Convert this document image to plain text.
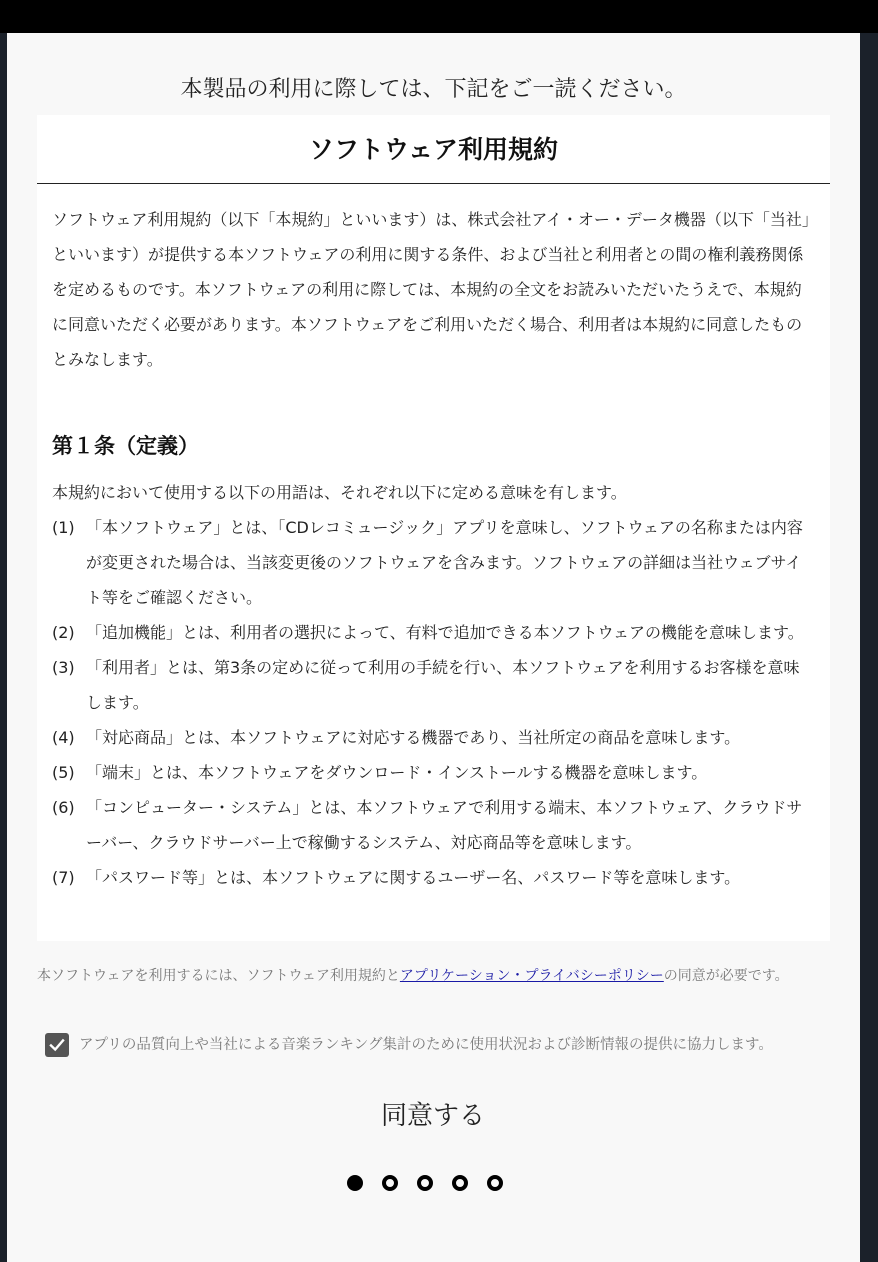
本製品の利用に際しては、下記をご一読ください。
ソフトウェア利用規約

ソフトウェア利用規約（以下「本規約」といいます）は、株式会社アイ・オー・データ機器（以下「当社」といいます）が提供する本ソフトウェアの利用に関する条件、および当社と利用者との間の権利義務関係を定めるものです。本ソフトウェアの利用に際しては、本規約の全文をお読みいただいたうえで、本規約に同意いただく必要があります。本ソフトウェアをご利用いただく場合、利用者は本規約に同意したものとみなします。

第１条（定義）

本規約において使用する以下の用語は、それぞれ以下に定める意味を有します。

(1) 「本ソフトウェア」とは、「CDレコミュージック」アプリを意味し、ソフトウェアの名称または内容が変更された場合は、当該変更後のソフトウェアを含みます。ソフトウェアの詳細は当社ウェブサイト等をご確認ください。
(2) 「追加機能」とは、利用者の選択によって、有料で追加できる本ソフトウェアの機能を意味します。
(3) 「利用者」とは、第3条の定めに従って利用の手続を行い、本ソフトウェアを利用するお客様を意味します。
(4) 「対応商品」とは、本ソフトウェアに対応する機器であり、当社所定の商品を意味します。
(5) 「端末」とは、本ソフトウェアをダウンロード・インストールする機器を意味します。
(6) 「コンピューター・システム」とは、本ソフトウェアで利用する端末、本ソフトウェア、クラウドサーバー、クラウドサーバー上で稼働するシステム、対応商品等を意味します。
(7) 「パスワード等」とは、本ソフトウェアに関するユーザー名、パスワード等を意味します。
本ソフトウェアを利用するには、ソフトウェア利用規約とアプリケーション・プライバシーポリシーの同意が必要です。
アプリの品質向上や当社による音楽ランキング集計のために使用状況および診断情報の提供に協力します。
同意する
